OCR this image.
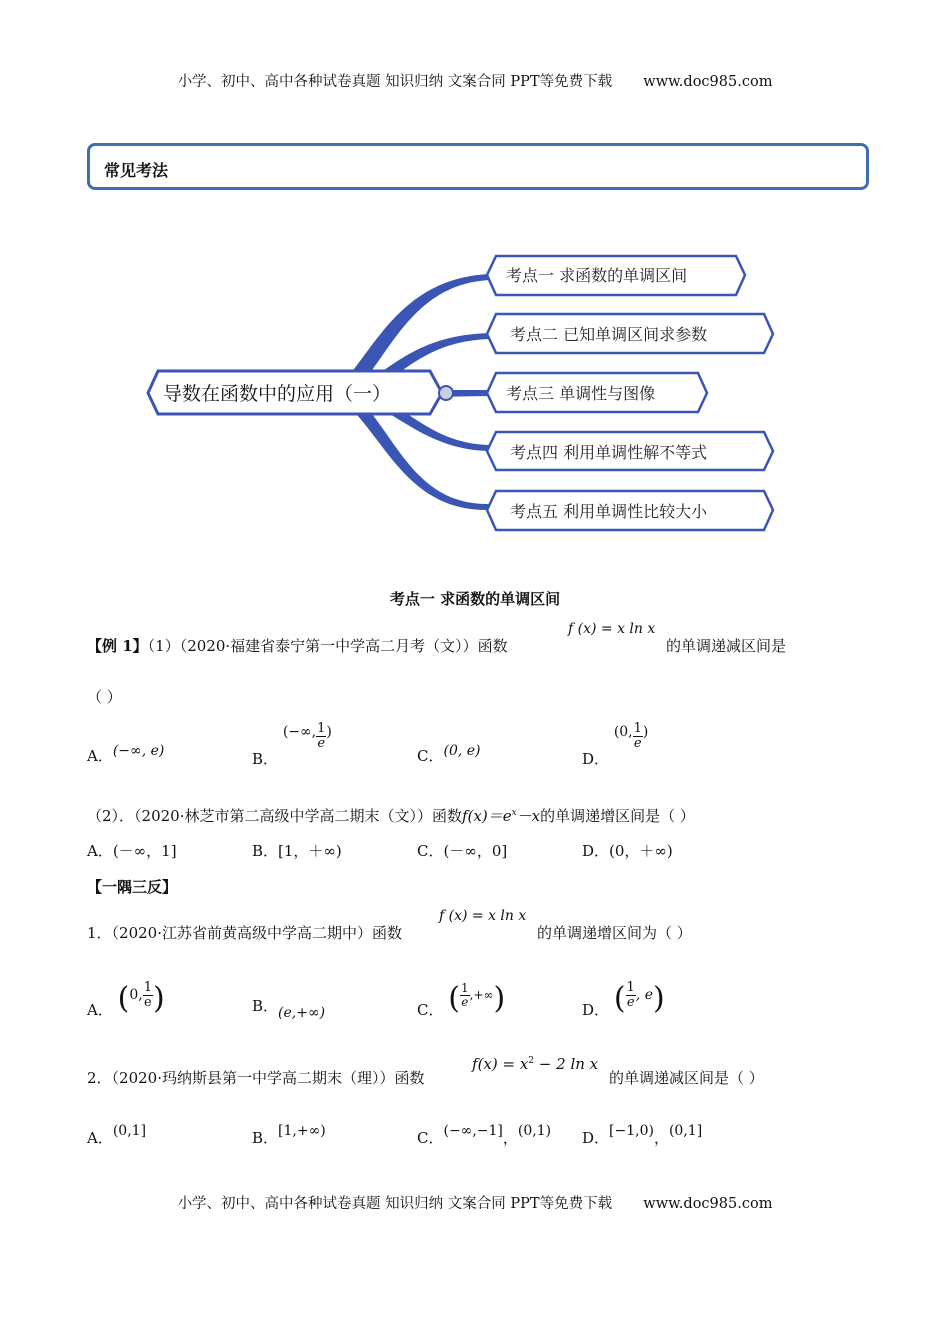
小学、初中、高中各种试卷真题 知识归纳 文案合同 PPT等免费下载 www.doc985.com
常见考法
导数在函数中的应用（一）
考点一 求函数的单调区间
考点二 已知单调区间求参数
考点三 单调性与图像
考点四 利用单调性解不等式
考点五 利用单调性比较大小
考点一 求函数的单调区间
【例 1】（1）（2020·福建省泰宁第一中学高二月考（文））函数
f (x) = x ln x
的单调递减区间是
（ ）
A．(−∞, e)	B． (−∞, $\frac{1}{e}$ )
C．(0, e)	D． (0, $\frac{1}{e}$ )
（2）．（2020·林芝市第二高级中学高二期末（文））函数$f(x)=e^x-x$的单调递增区间是（ ）
A．(－∞，1]	B．[1，＋∞)	C．(－∞，0]	D．(0，＋∞)
【一隅三反】
1．（2020·江苏省前黄高级中学高二期中）函数
f (x) = x ln x
的单调递增区间为（ ）
A． (0, $\frac{1}{e}$ )	B．(e,+∞)	C． ( $\frac{1}{e} _{,+\infty}$)	D． ( $\frac{1}{e}$ , e)
2．（2020·玛纳斯县第一中学高二期末（理））函数
$f(x) = x^2 - 2$ ln x
的单调递减区间是（ ）
A．(0,1]	B．[1,+∞)	C．(−∞,−1]，(0,1) D．[−1,0)，(0,1]
小学、初中、高中各种试卷真题 知识归纳 文案合同 PPT等免费下载 www.doc985.com
